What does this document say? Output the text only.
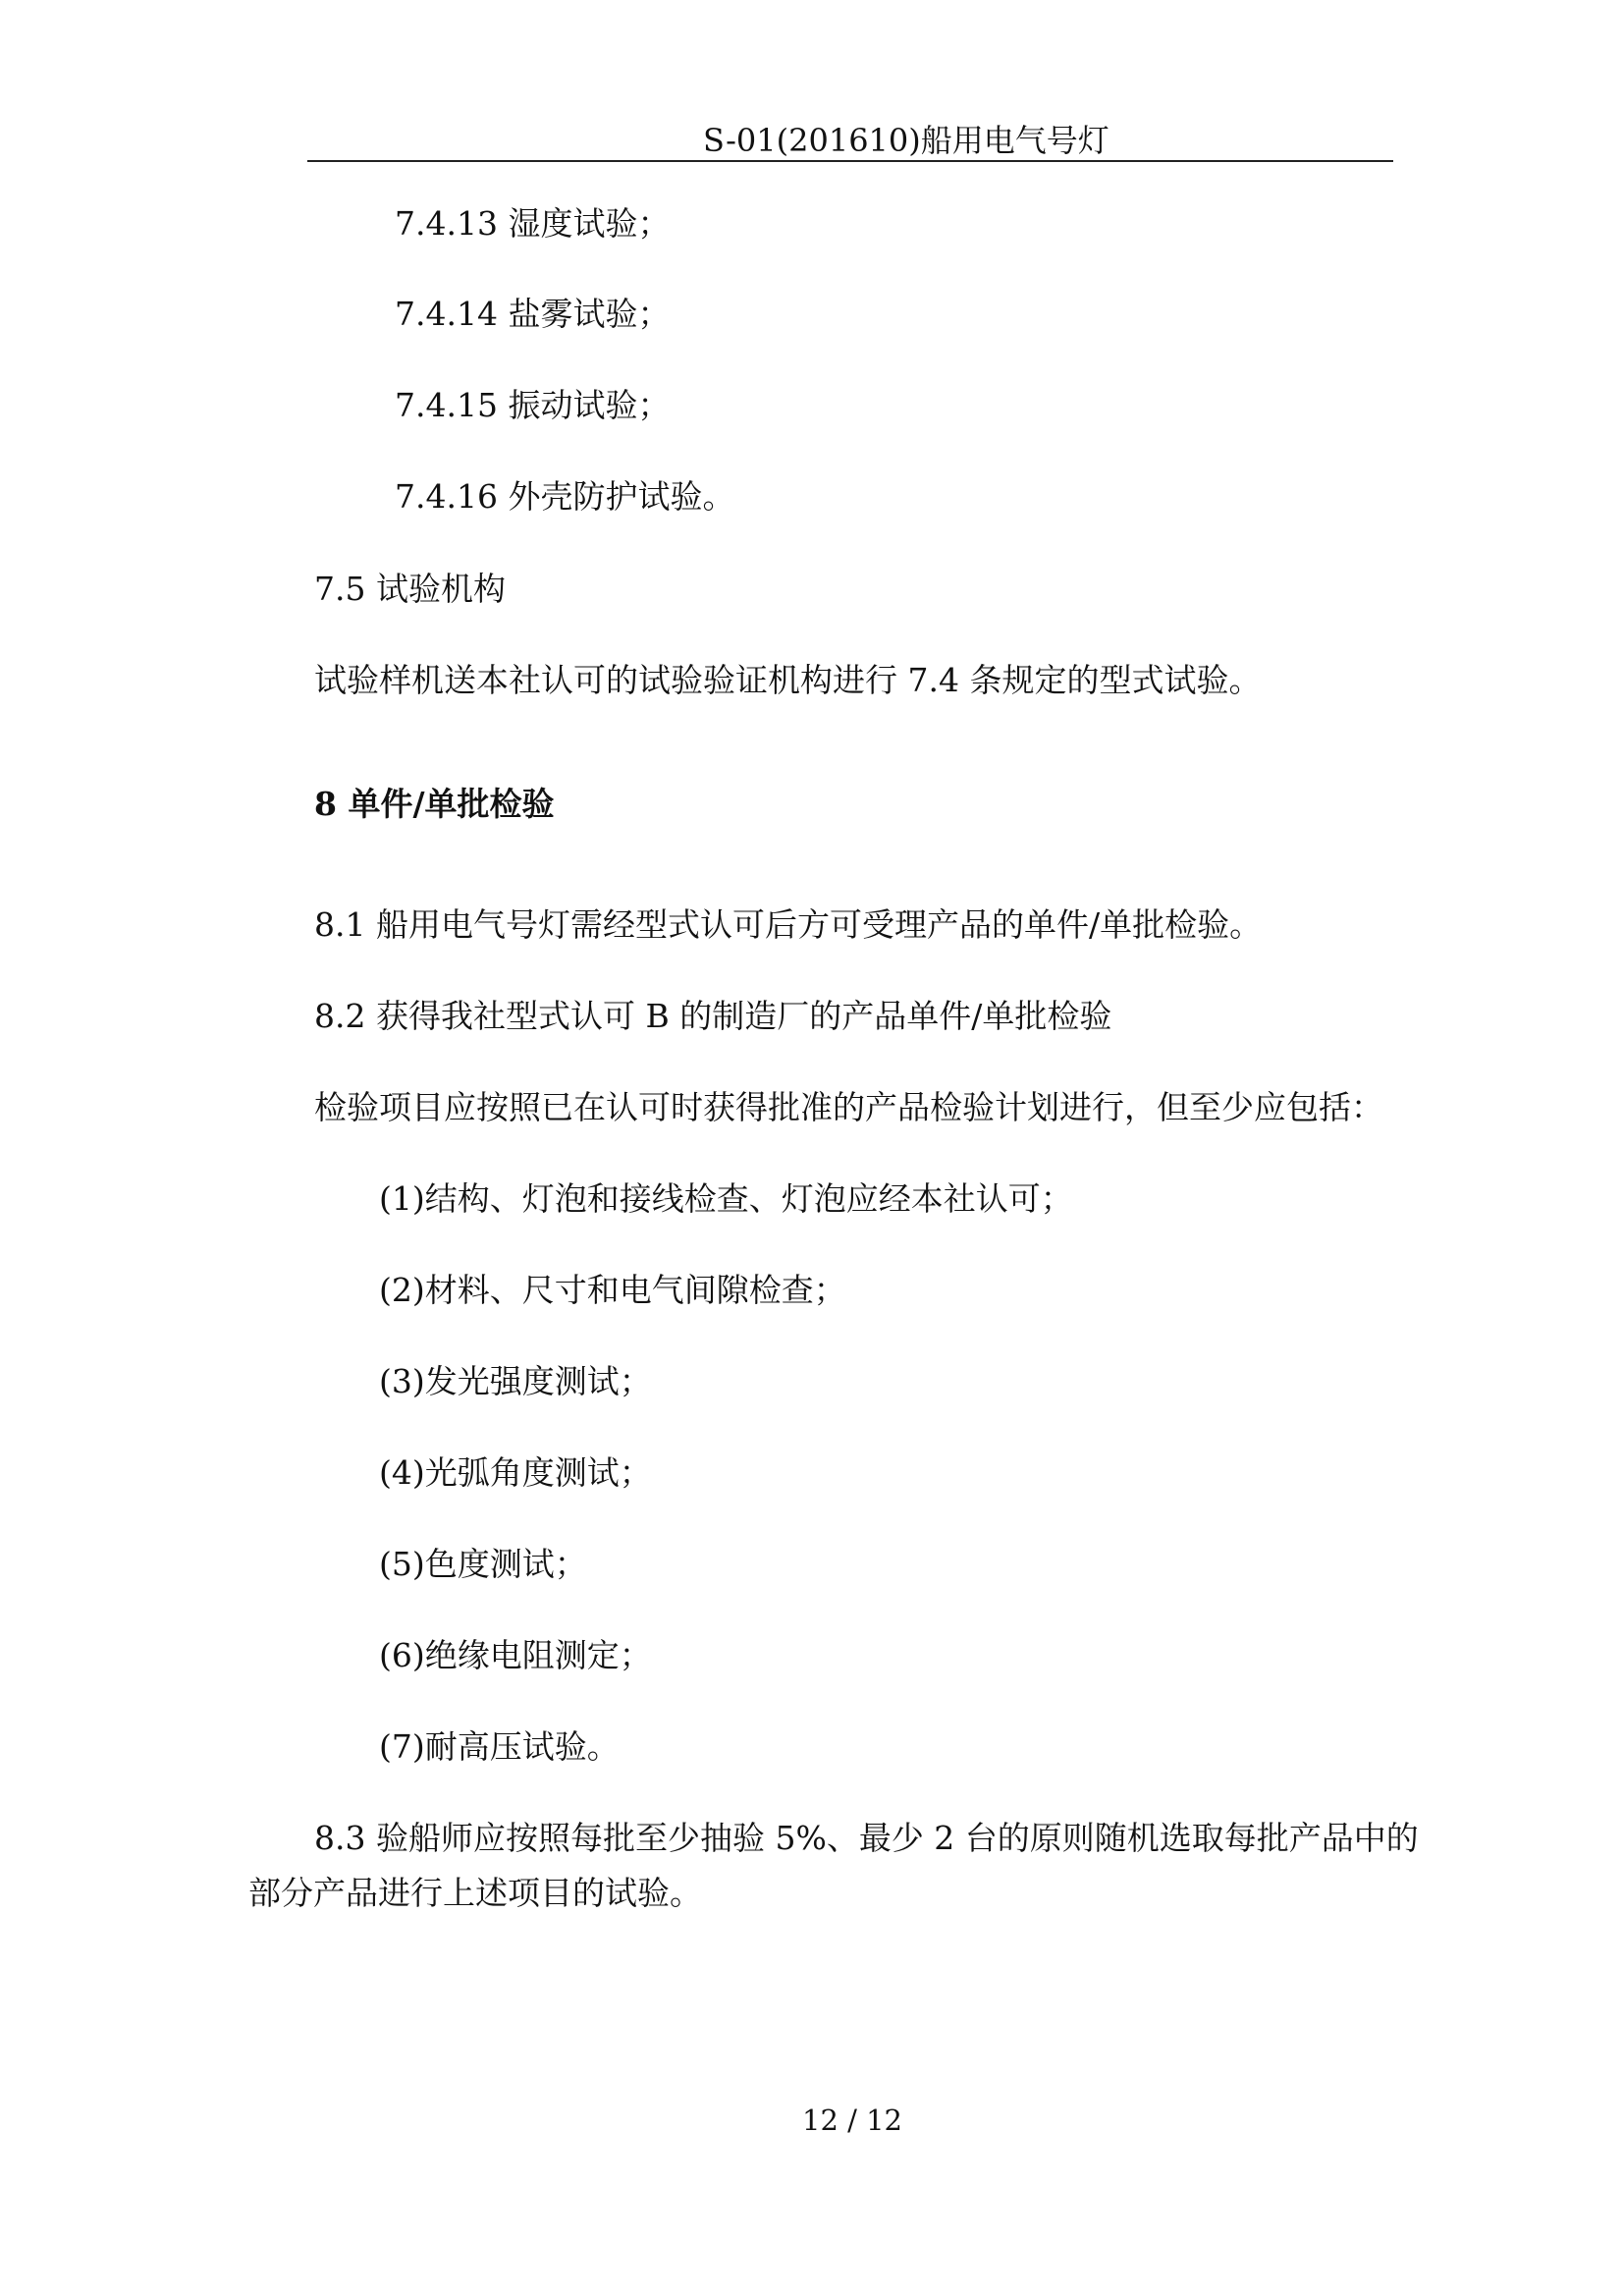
S-01(201610)船用电气号灯
7.4.13 湿度试验；
7.4.14 盐雾试验；
7.4.15 振动试验；
7.4.16 外壳防护试验。
7.5 试验机构
试验样机送本社认可的试验验证机构进行 7.4 条规定的型式试验。
8 单件/单批检验
8.1 船用电气号灯需经型式认可后方可受理产品的单件/单批检验。
8.2 获得我社型式认可 B 的制造厂的产品单件/单批检验
检验项目应按照已在认可时获得批准的产品检验计划进行，但至少应包括：
(1)结构、灯泡和接线检查、灯泡应经本社认可；
(2)材料、尺寸和电气间隙检查；
(3)发光强度测试；
(4)光弧角度测试；
(5)色度测试；
(6)绝缘电阻测定；
(7)耐高压试验。
8.3 验船师应按照每批至少抽验 5%、最少 2 台的原则随机选取每批产品中的
部分产品进行上述项目的试验。
12 / 12
